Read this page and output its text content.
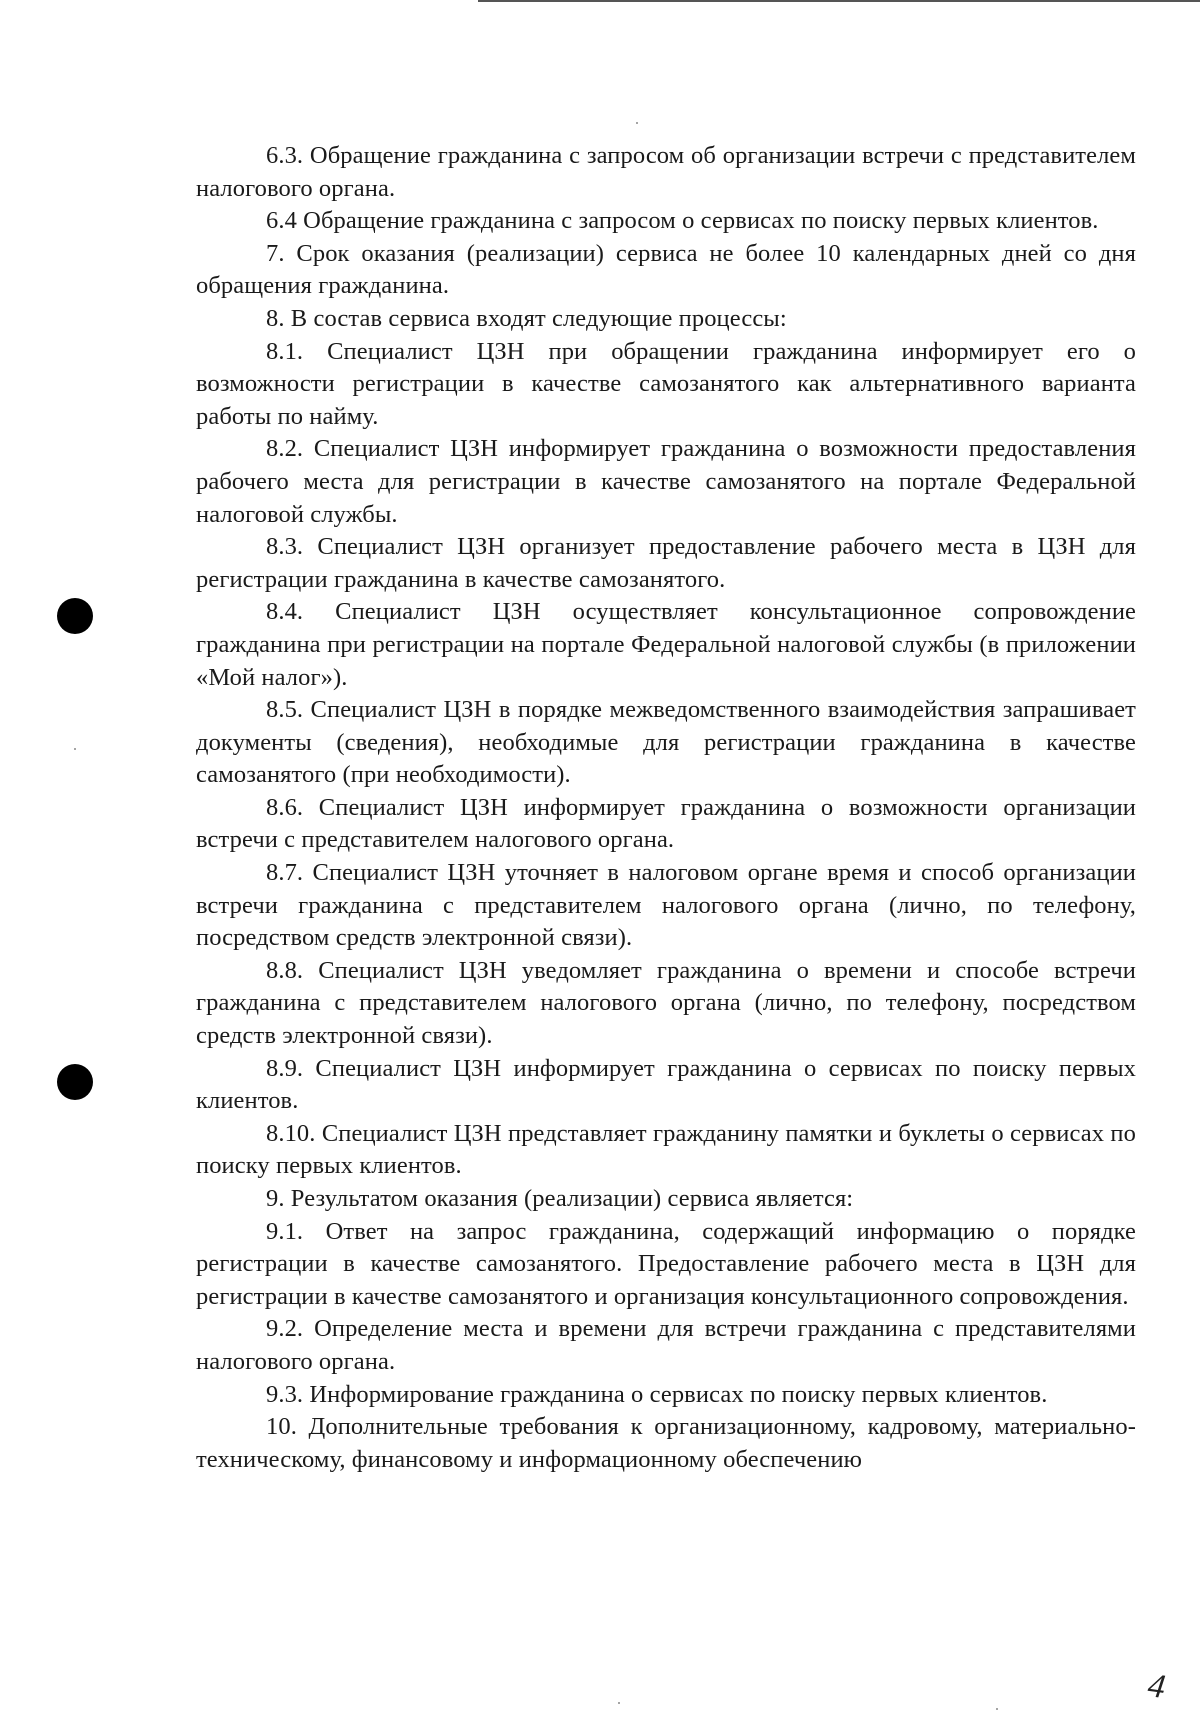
6.3. Обращение гражданина с запросом об организации встречи с представителем налогового органа.

6.4 Обращение гражданина с запросом о сервисах по поиску первых клиентов.

7. Срок оказания (реализации) сервиса не более 10 календарных дней со дня обращения гражданина.

8. В состав сервиса входят следующие процессы:

8.1. Специалист ЦЗН при обращении гражданина информирует его о возможности регистрации в качестве самозанятого как альтернативного варианта работы по найму.

8.2. Специалист ЦЗН информирует гражданина о возможности предоставления рабочего места для регистрации в качестве самозанятого на портале Федеральной налоговой службы.

8.3. Специалист ЦЗН организует предоставление рабочего места в ЦЗН для регистрации гражданина в качестве самозанятого.

8.4. Специалист ЦЗН осуществляет консультационное сопровождение гражданина при регистрации на портале Федеральной налоговой службы (в приложении «Мой налог»).

8.5. Специалист ЦЗН в порядке межведомственного взаимодействия запрашивает документы (сведения), необходимые для регистрации гражданина в качестве самозанятого (при необходимости).

8.6. Специалист ЦЗН информирует гражданина о возможности организации встречи с представителем налогового органа.

8.7. Специалист ЦЗН уточняет в налоговом органе время и способ организации встречи гражданина с представителем налогового органа (лично, по телефону, посредством средств электронной связи).

8.8. Специалист ЦЗН уведомляет гражданина о времени и способе встречи гражданина с представителем налогового органа (лично, по телефону, посредством средств электронной связи).

8.9. Специалист ЦЗН информирует гражданина о сервисах по поиску первых клиентов.

8.10. Специалист ЦЗН представляет гражданину памятки и буклеты о сервисах по поиску первых клиентов.

9. Результатом оказания (реализации) сервиса является:

9.1. Ответ на запрос гражданина, содержащий информацию о порядке регистрации в качестве самозанятого. Предоставление рабочего места в ЦЗН для регистрации в качестве самозанятого и организация консультационного сопровождения.

9.2. Определение места и времени для встречи гражданина с представителями налогового органа.

9.3. Информирование гражданина о сервисах по поиску первых клиентов.

10. Дополнительные требования к организационному, кадровому, материально-техническому, финансовому и информационному обеспечению

4
